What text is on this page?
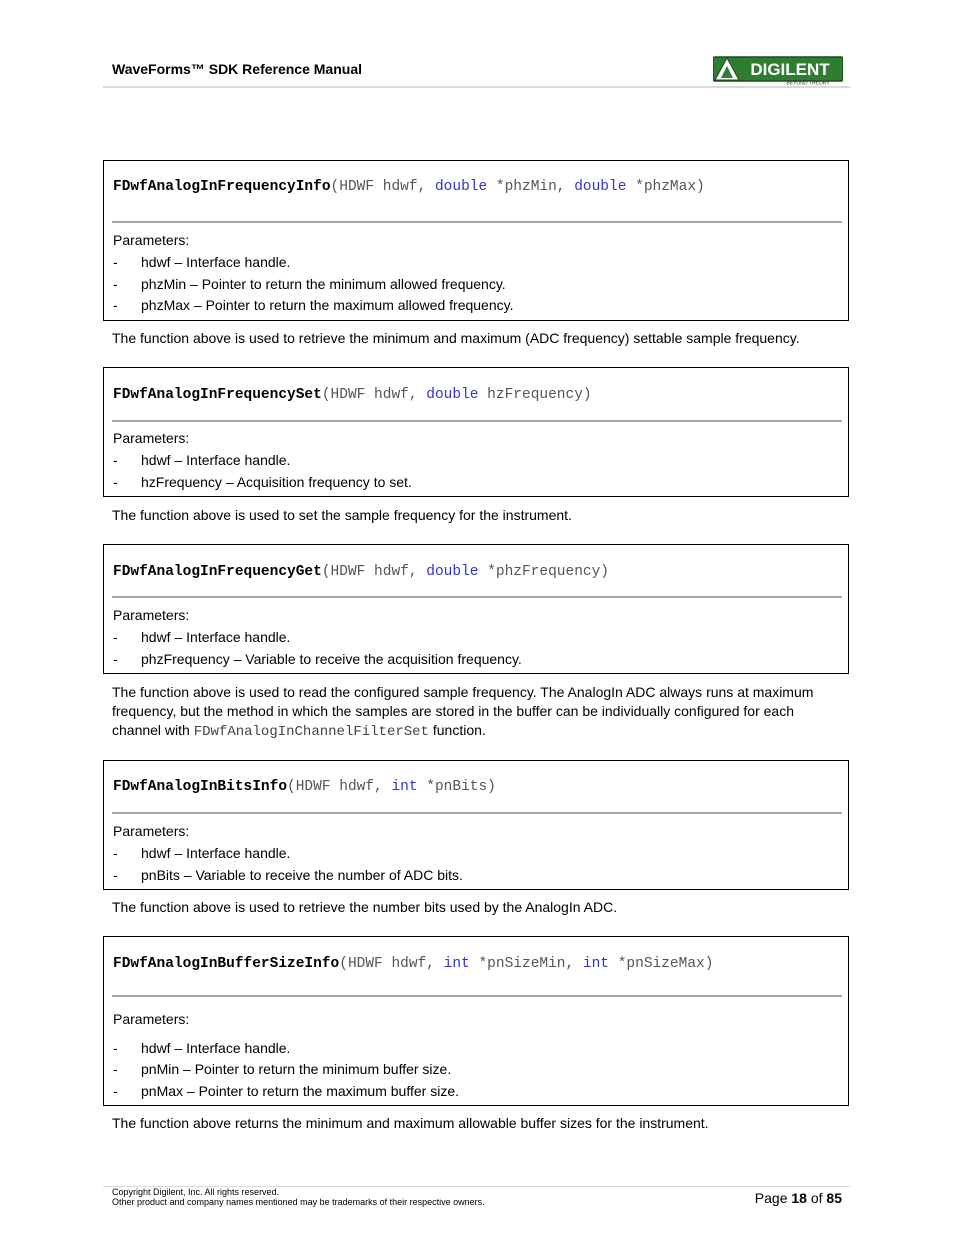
WaveForms™ SDK Reference Manual	DIGILENT
BEYOND THEORY
FDwfAnalogInFrequencyInfo(HDWF hdwf, double *phzMin, double *phzMax)
Parameters:
- hdwf – Interface handle.
- phzMin – Pointer to return the minimum allowed frequency.
- phzMax – Pointer to return the maximum allowed frequency.
The function above is used to retrieve the minimum and maximum (ADC frequency) settable sample frequency.
FDwfAnalogInFrequencySet(HDWF hdwf, double hzFrequency)
Parameters:
- hdwf – Interface handle.
- hzFrequency – Acquisition frequency to set.
The function above is used to set the sample frequency for the instrument.
FDwfAnalogInFrequencyGet(HDWF hdwf, double *phzFrequency)
Parameters:
- hdwf – Interface handle.
- phzFrequency – Variable to receive the acquisition frequency.
The function above is used to read the configured sample frequency. The AnalogIn ADC always runs at maximum frequency, but the method in which the samples are stored in the buffer can be individually configured for each channel with FDwfAnalogInChannelFilterSet function.
FDwfAnalogInBitsInfo(HDWF hdwf, int *pnBits)
Parameters:
- hdwf – Interface handle.
- pnBits – Variable to receive the number of ADC bits.
The function above is used to retrieve the number bits used by the AnalogIn ADC.
FDwfAnalogInBufferSizeInfo(HDWF hdwf, int *pnSizeMin, int *pnSizeMax)
Parameters:
- hdwf – Interface handle.
- pnMin – Pointer to return the minimum buffer size.
- pnMax – Pointer to return the maximum buffer size.
The function above returns the minimum and maximum allowable buffer sizes for the instrument.
Copyright Digilent, Inc. All rights reserved.
Other product and company names mentioned may be trademarks of their respective owners.	Page 18 of 85
